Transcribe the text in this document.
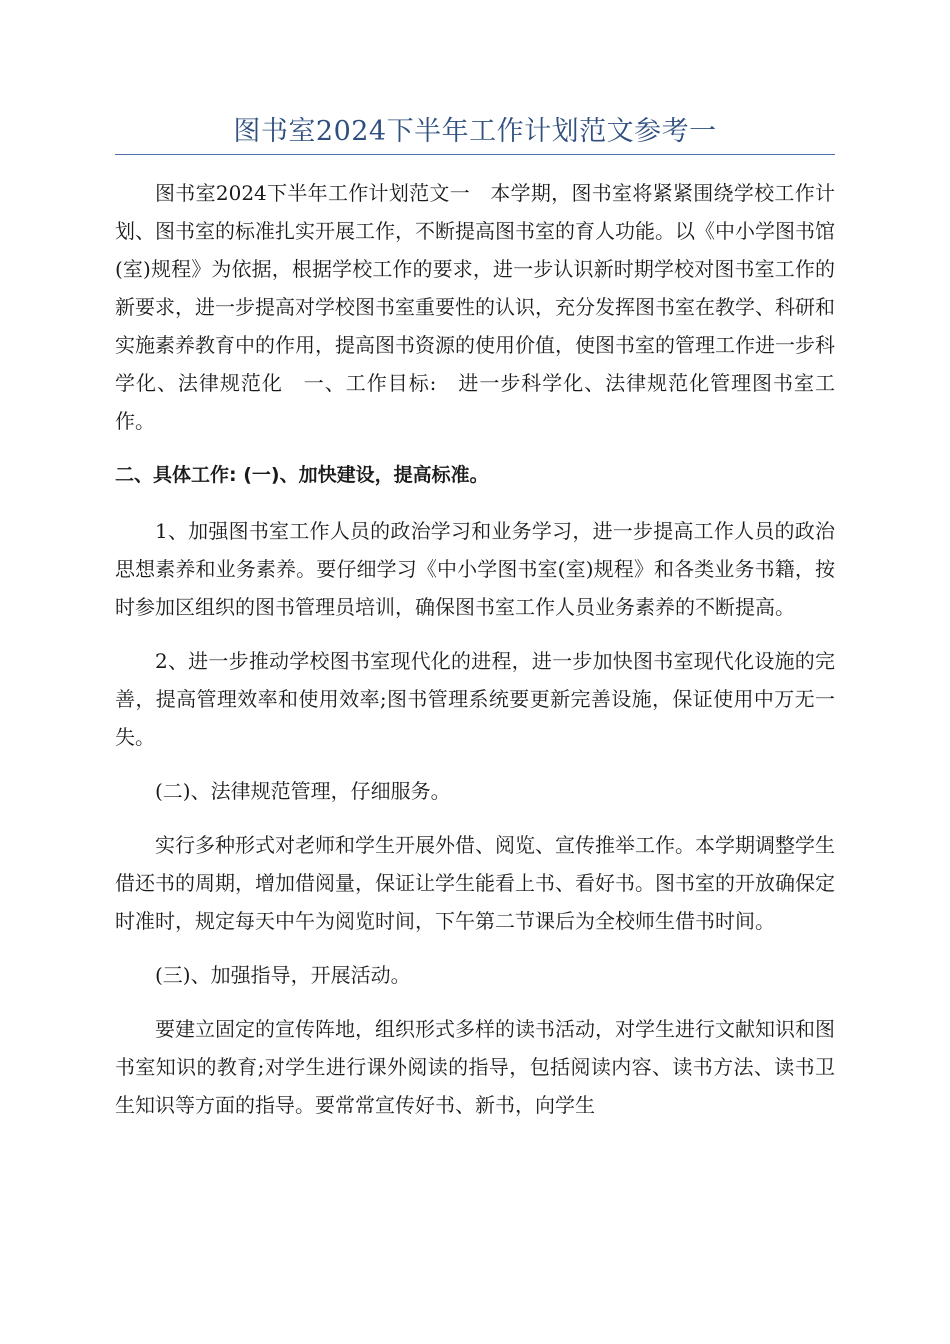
图书室2024下半年工作计划范文参考一

图书室2024下半年工作计划范文一　本学期，图书室将紧紧围绕学校工作计划、图书室的标准扎实开展工作，不断提高图书室的育人功能。以《中小学图书馆(室)规程》为依据，根据学校工作的要求，进一步认识新时期学校对图书室工作的新要求，进一步提高对学校图书室重要性的认识，充分发挥图书室在教学、科研和实施素养教育中的作用，提高图书资源的使用价值，使图书室的管理工作进一步科学化、法律规范化　一、工作目标:　进一步科学化、法律规范化管理图书室工作。

二、具体工作: (一)、加快建设，提高标准。

1、加强图书室工作人员的政治学习和业务学习，进一步提高工作人员的政治思想素养和业务素养。要仔细学习《中小学图书室(室)规程》和各类业务书籍，按时参加区组织的图书管理员培训，确保图书室工作人员业务素养的不断提高。

2、进一步推动学校图书室现代化的进程，进一步加快图书室现代化设施的完善，提高管理效率和使用效率;图书管理系统要更新完善设施，保证使用中万无一失。

(二)、法律规范管理，仔细服务。

实行多种形式对老师和学生开展外借、阅览、宣传推举工作。本学期调整学生借还书的周期，增加借阅量，保证让学生能看上书、看好书。图书室的开放确保定时准时，规定每天中午为阅览时间，下午第二节课后为全校师生借书时间。

(三)、加强指导，开展活动。

要建立固定的宣传阵地，组织形式多样的读书活动，对学生进行文献知识和图书室知识的教育;对学生进行课外阅读的指导，包括阅读内容、读书方法、读书卫生知识等方面的指导。要常常宣传好书、新书，向学生
